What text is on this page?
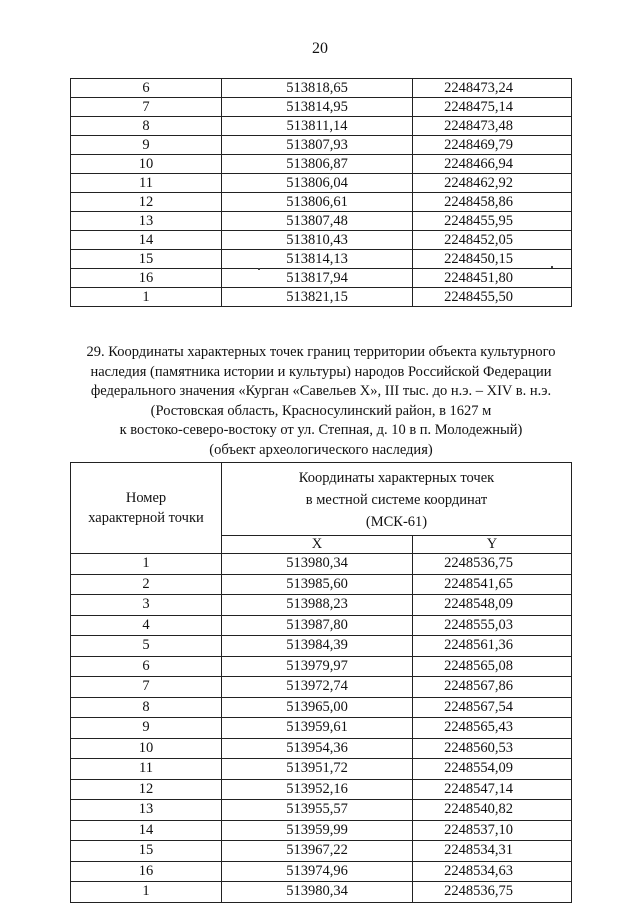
20
6	513818,65	2248473,24
7	513814,95	2248475,14
8	513811,14	2248473,48
9	513807,93	2248469,79
10	513806,87	2248466,94
11	513806,04	2248462,92
12	513806,61	2248458,86
13	513807,48	2248455,95
14	513810,43	2248452,05
15	513814,13	2248450,15
16	513817,94	2248451,80
1	513821,15	2248455,50
29. Координаты характерных точек границ территории объекта культурного
наследия (памятника истории и культуры) народов Российской Федерации
федерального значения «Курган «Савельев Х», III тыс. до н.э. – XIV в. н.э.
(Ростовская область, Красносулинский район, в 1627 м
к востоко-северо-востоку от ул. Степная, д. 10 в п. Молодежный)
(объект археологического наследия)
Номер
характерной точки	Координаты характерных точек
в местной системе координат
(МСК-61)	
	X	Y
1	513980,34	2248536,75
2	513985,60	2248541,65
3	513988,23	2248548,09
4	513987,80	2248555,03
5	513984,39	2248561,36
6	513979,97	2248565,08
7	513972,74	2248567,86
8	513965,00	2248567,54
9	513959,61	2248565,43
10	513954,36	2248560,53
11	513951,72	2248554,09
12	513952,16	2248547,14
13	513955,57	2248540,82
14	513959,99	2248537,10
15	513967,22	2248534,31
16	513974,96	2248534,63
1	513980,34	2248536,75
